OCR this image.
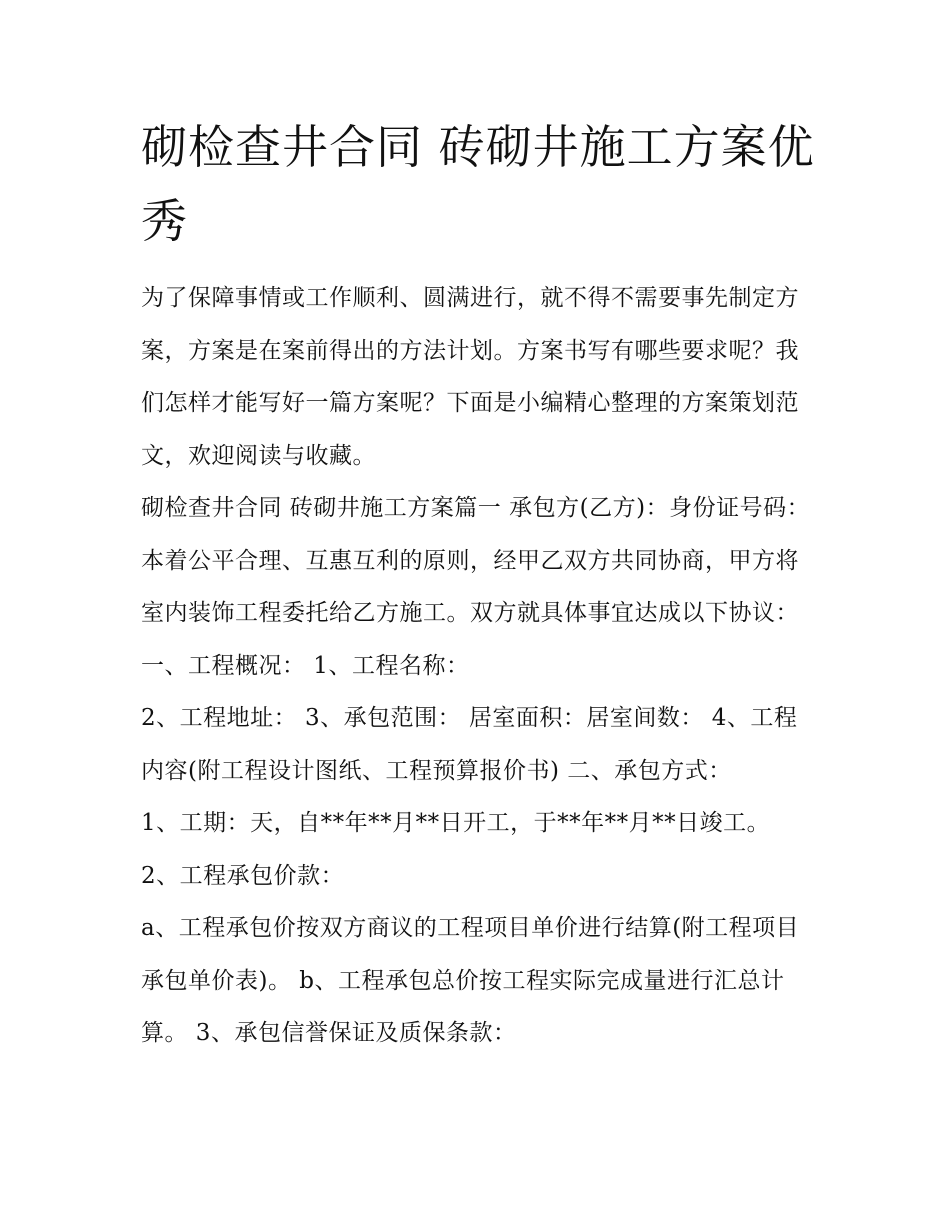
砌检查井合同 砖砌井施工方案优秀

为了保障事情或工作顺利、圆满进行，就不得不需要事先制定方案，方案是在案前得出的方法计划。方案书写有哪些要求呢？我们怎样才能写好一篇方案呢？下面是小编精心整理的方案策划范文，欢迎阅读与收藏。

砌检查井合同 砖砌井施工方案篇一 承包方(乙方)：身份证号码：

本着公平合理、互惠互利的原则，经甲乙双方共同协商，甲方将室内装饰工程委托给乙方施工。双方就具体事宜达成以下协议： 一、工程概况： 1、工程名称：

2、工程地址： 3、承包范围： 居室面积：居室间数： 4、工程内容(附工程设计图纸、工程预算报价书) 二、承包方式：

1、工期：天，自**年**月**日开工，于**年**月**日竣工。

2、工程承包价款：

a、工程承包价按双方商议的工程项目单价进行结算(附工程项目承包单价表)。 b、工程承包总价按工程实际完成量进行汇总计算。 3、承包信誉保证及质保条款：
